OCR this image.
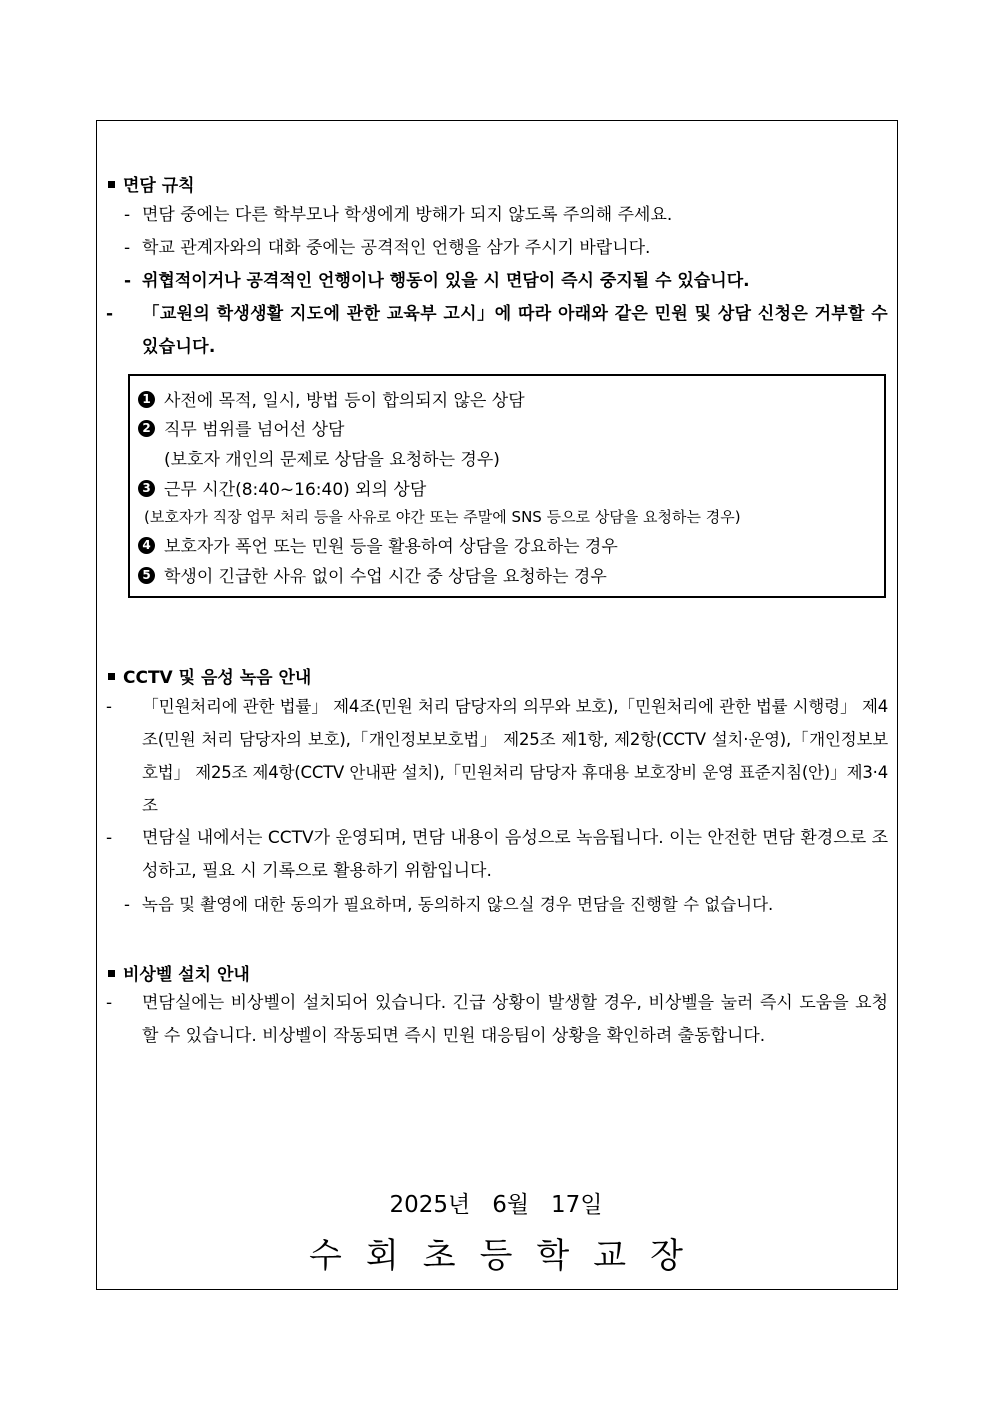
면담 규칙
- 면담 중에는 다른 학부모나 학생에게 방해가 되지 않도록 주의해 주세요.
- 학교 관계자와의 대화 중에는 공격적인 언행을 삼가 주시기 바랍니다.
- 위협적이거나 공격적인 언행이나 행동이 있을 시 면담이 즉시 중지될 수 있습니다.
- 「교원의 학생생활 지도에 관한 교육부 고시」에 따라 아래와 같은 민원 및 상담 신청은 거부할 수 있습니다.
1 사전에 목적, 일시, 방법 등이 합의되지 않은 상담
2 직무 범위를 넘어선 상담
(보호자 개인의 문제로 상담을 요청하는 경우)
3 근무 시간(8:40~16:40) 외의 상담
(보호자가 직장 업무 처리 등을 사유로 야간 또는 주말에 SNS 등으로 상담을 요청하는 경우)
4 보호자가 폭언 또는 민원 등을 활용하여 상담을 강요하는 경우
5 학생이 긴급한 사유 없이 수업 시간 중 상담을 요청하는 경우
CCTV 및 음성 녹음 안내
- 「민원처리에 관한 법률」 제4조(민원 처리 담당자의 의무와 보호),「민원처리에 관한 법률 시행령」 제4조(민원 처리 담당자의 보호),「개인정보보호법」 제25조 제1항, 제2항(CCTV 설치·운영),「개인정보보호법」 제25조 제4항(CCTV 안내판 설치),「민원처리 담당자 휴대용 보호장비 운영 표준지침(안)」제3·4조
- 면담실 내에서는 CCTV가 운영되며, 면담 내용이 음성으로 녹음됩니다. 이는 안전한 면담 환경으로 조성하고, 필요 시 기록으로 활용하기 위함입니다.
- 녹음 및 촬영에 대한 동의가 필요하며, 동의하지 않으실 경우 면담을 진행할 수 없습니다.
비상벨 설치 안내
- 면담실에는 비상벨이 설치되어 있습니다. 긴급 상황이 발생할 경우, 비상벨을 눌러 즉시 도움을 요청할 수 있습니다. 비상벨이 작동되면 즉시 민원 대응팀이 상황을 확인하려 출동합니다.
2025년   6월   17일
수회초등학교장
